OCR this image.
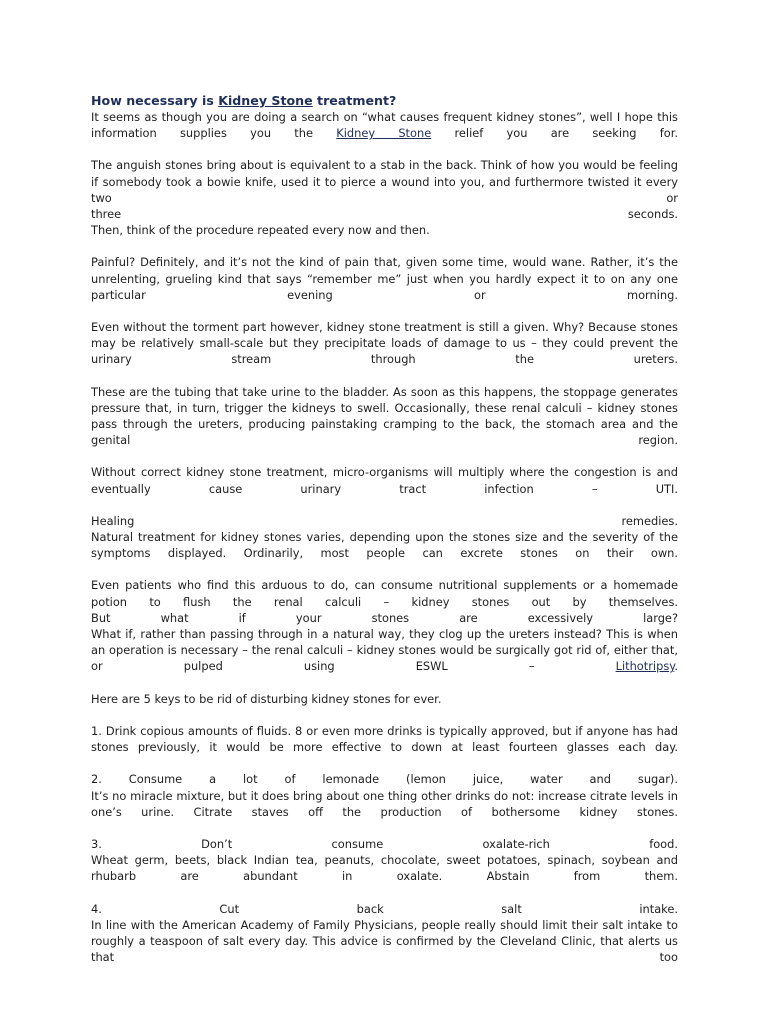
How necessary is Kidney Stone treatment?

It seems as though you are doing a search on “what causes frequent kidney stones”, well I hope this information supplies you the Kidney Stone relief you are seeking for.

The anguish stones bring about is equivalent to a stab in the back. Think of how you would be feeling if somebody took a bowie knife, used it to pierce a wound into you, and furthermore twisted it every two or

three seconds.

Then, think of the procedure repeated every now and then.

Painful? Definitely, and it’s not the kind of pain that, given some time, would wane. Rather, it’s the unrelenting, grueling kind that says “remember me” just when you hardly expect it to on any one particular evening or morning.

Even without the torment part however, kidney stone treatment is still a given. Why? Because stones may be relatively small-scale but they precipitate loads of damage to us – they could prevent the urinary stream through the ureters.

These are the tubing that take urine to the bladder. As soon as this happens, the stoppage generates pressure that, in turn, trigger the kidneys to swell. Occasionally, these renal calculi – kidney stones pass through the ureters, producing painstaking cramping to the back, the stomach area and the genital region.

Without correct kidney stone treatment, micro-organisms will multiply where the congestion is and eventually cause urinary tract infection – UTI.

Healing remedies.

Natural treatment for kidney stones varies, depending upon the stones size and the severity of the symptoms displayed. Ordinarily, most people can excrete stones on their own.

Even patients who find this arduous to do, can consume nutritional supplements or a homemade potion to flush the renal calculi – kidney stones out by themselves.

But what if your stones are excessively large?

What if, rather than passing through in a natural way, they clog up the ureters instead? This is when an operation is necessary – the renal calculi – kidney stones would be surgically got rid of, either that, or pulped using ESWL – Lithotripsy.

Here are 5 keys to be rid of disturbing kidney stones for ever.

1. Drink copious amounts of fluids. 8 or even more drinks is typically approved, but if anyone has had stones previously, it would be more effective to down at least fourteen glasses each day.

2. Consume a lot of lemonade (lemon juice, water and sugar).

It’s no miracle mixture, but it does bring about one thing other drinks do not: increase citrate levels in one’s urine. Citrate staves off the production of bothersome kidney stones.

3. Don’t consume oxalate-rich food.

Wheat germ, beets, black Indian tea, peanuts, chocolate, sweet potatoes, spinach, soybean and rhubarb are abundant in oxalate. Abstain from them.

4. Cut back salt intake.

In line with the American Academy of Family Physicians, people really should limit their salt intake to roughly a teaspoon of salt every day. This advice is confirmed by the Cleveland Clinic, that alerts us that too
